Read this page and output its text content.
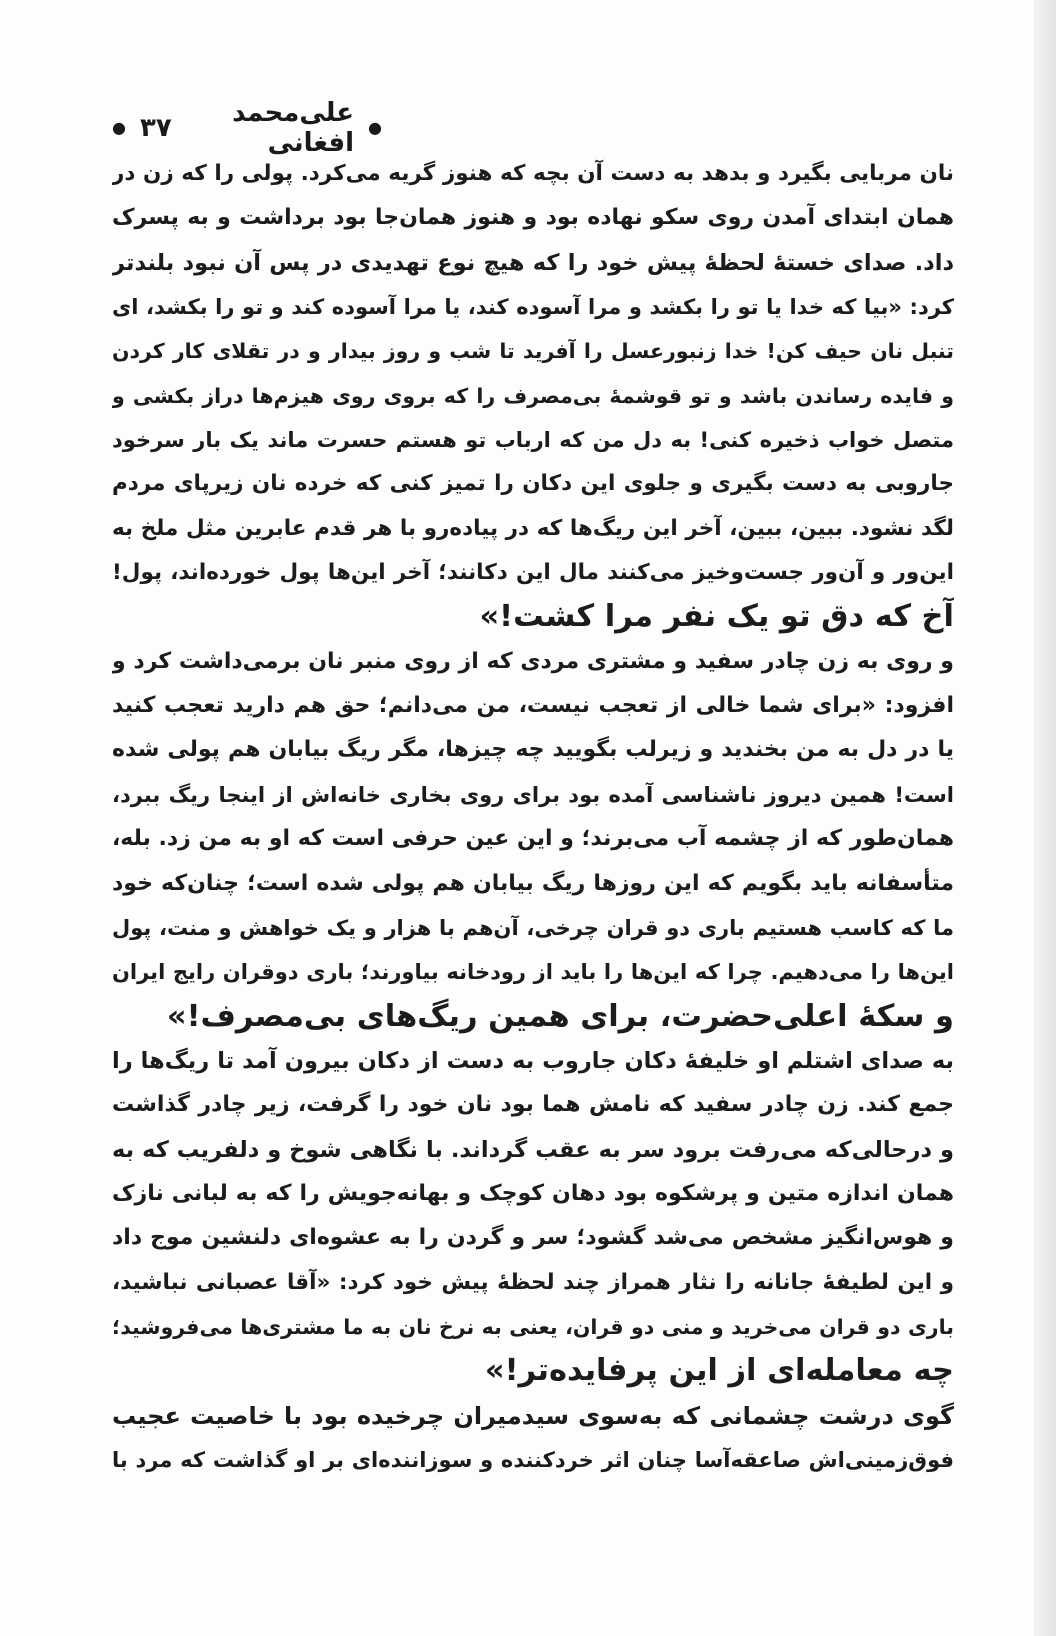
●
علی‌محمد افغانی
۳۷
●
نان مربایی بگیرد و بدهد به دست آن بچه که هنوز گریه می‌کرد. پولی را که زن در
همان ابتدای آمدن روی سکو نهاده بود و هنوز همان‌جا بود برداشت و به پسرک
داد. صدای خستهٔ لحظهٔ پیش خود را که هیچ نوع تهدیدی در پس آن نبود بلندتر
کرد: «بیا که خدا یا تو را بکشد و مرا آسوده کند، یا مرا آسوده کند و تو را بکشد، ای
تنبل نان حیف کن! خدا زنبورعسل را آفرید تا شب و روز بیدار و در تقلای کار کردن
و فایده رساندن باشد و تو قوشمهٔ بی‌مصرف را که بروی روی هیزم‌ها دراز بکشی و
متصل خواب ذخیره کنی! به دل من که ارباب تو هستم حسرت ماند یک بار سرخود
جاروبی به دست بگیری و جلوی این دکان را تمیز کنی که خرده نان زیرپای مردم
لگد نشود. ببین، ببین، آخر این ریگ‌ها که در پیاده‌رو با هر قدم عابرین مثل ملخ به
این‌ور و آن‌ور جست‌وخیز می‌کنند مال این دکانند؛ آخر این‌ها پول خورده‌اند، پول!
آخ که دق تو یک نفر مرا کشت!»
و روی به زن چادر سفید و مشتری مردی که از روی منبر نان برمی‌داشت کرد و
افزود: «برای شما خالی از تعجب نیست، من می‌دانم؛ حق هم دارید تعجب کنید
یا در دل به من بخندید و زیرلب بگویید چه چیزها، مگر ریگ بیابان هم پولی شده
است! همین دیروز ناشناسی آمده بود برای روی بخاری خانه‌اش از اینجا ریگ ببرد،
همان‌طور که از چشمه آب می‌برند؛ و این عین حرفی است که او به من زد. بله،
متأسفانه باید بگویم که این روزها ریگ بیابان هم پولی شده است؛ چنان‌که خود
ما که کاسب هستیم باری دو قران چرخی، آن‌هم با هزار و یک خواهش و منت، پول
این‌ها را می‌دهیم. چرا که این‌ها را باید از رودخانه بیاورند؛ باری دوقران رایج ایران
و سکهٔ اعلی‌حضرت، برای همین ریگ‌های بی‌مصرف!»
به صدای اشتلم او خلیفهٔ دکان جاروب به دست از دکان بیرون آمد تا ریگ‌ها را
جمع کند. زن چادر سفید که نامش هما بود نان خود را گرفت، زیر چادر گذاشت
و درحالی‌که می‌رفت برود سر به عقب گرداند. با نگاهی شوخ و دلفریب که به
همان اندازه متین و پرشکوه بود دهان کوچک و بهانه‌جویش را که به لبانی نازک
و هوس‌انگیز مشخص می‌شد گشود؛ سر و گردن را به عشوه‌ای دلنشین موج داد
و این لطیفهٔ جانانه را نثار همراز چند لحظهٔ پیش خود کرد: «آقا عصبانی نباشید،
باری دو قران می‌خرید و منی دو قران، یعنی به نرخ نان به ما مشتری‌ها می‌فروشید؛
چه معامله‌ای از این پرفایده‌تر!»
گوی درشت چشمانی که به‌سوی سیدمیران چرخیده بود با خاصیت عجیب
فوق‌زمینی‌اش صاعقه‌آسا چنان اثر خردکننده و سوزاننده‌ای بر او گذاشت که مرد با
